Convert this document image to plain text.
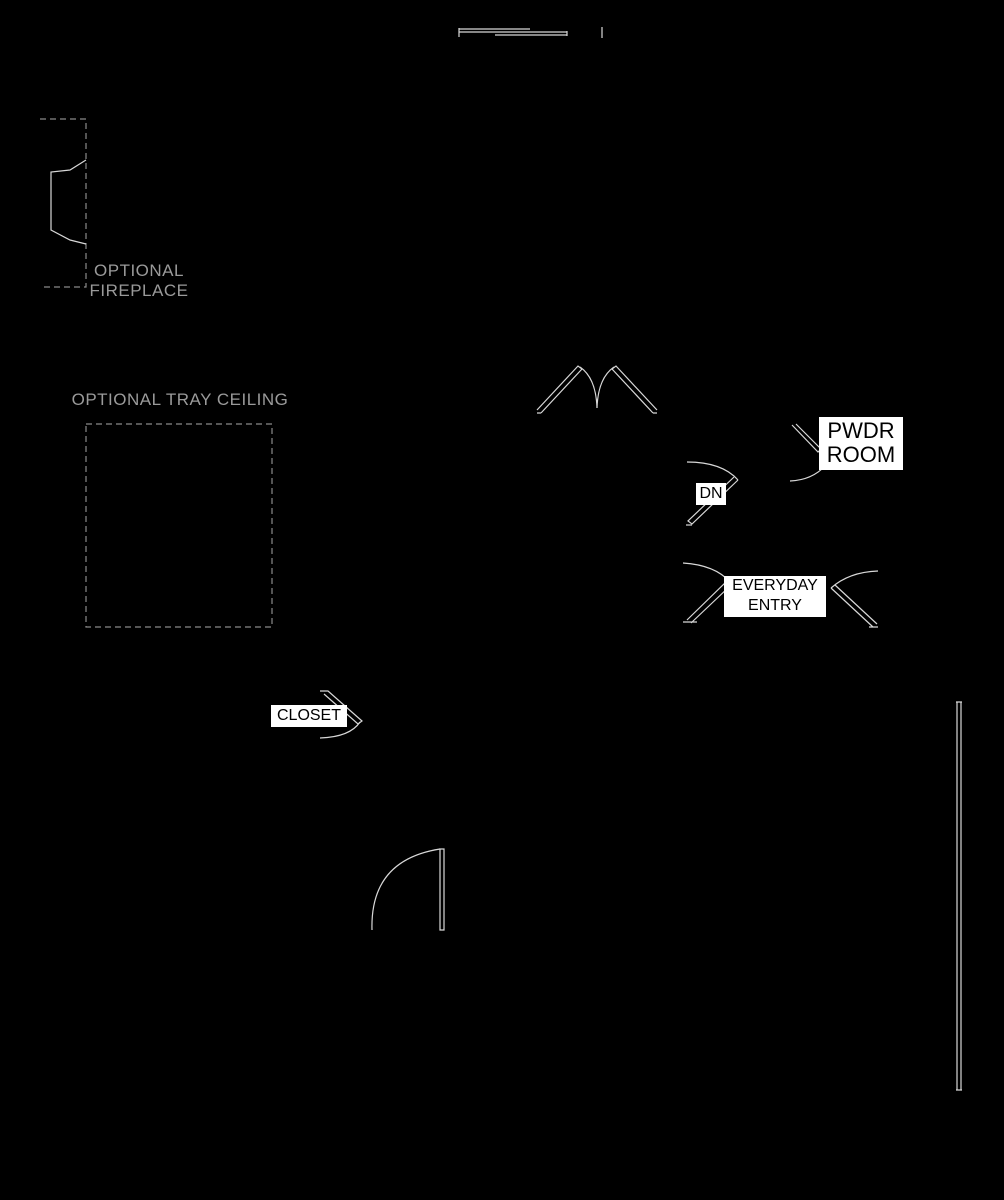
OPTIONAL
FIREPLACE
OPTIONAL TRAY CEILING
PWDR
ROOM
DN
EVERYDAY
ENTRY
CLOSET
